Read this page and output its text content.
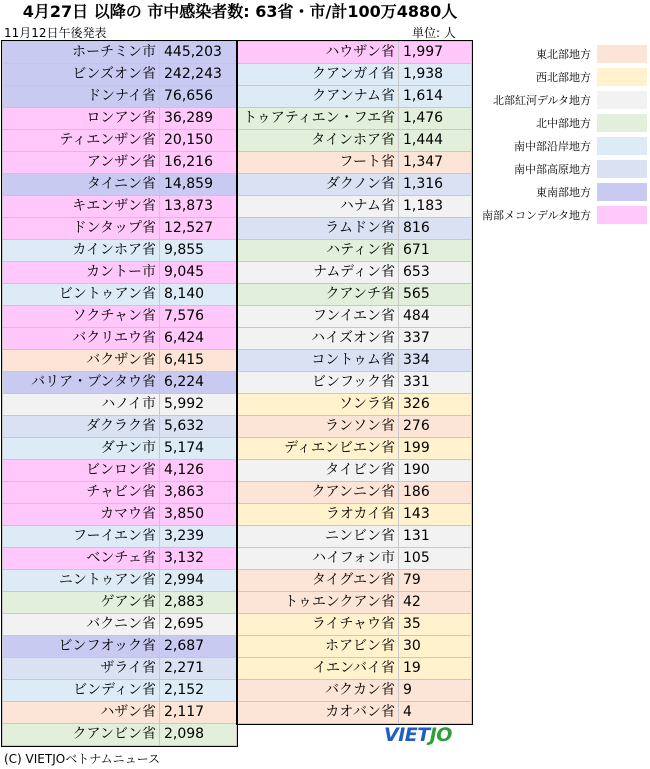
4月27日 以降の 市中感染者数: 63省・市/計100万4880人
11月12日午後発表	単位: 人
ホーチミン市	445,203
ビンズオン省	242,243
ドンナイ省	76,656
ロンアン省	36,289
ティエンザン省	20,150
アンザン省	16,216
タイニン省	14,859
キエンザン省	13,873
ドンタップ省	12,527
カインホア省	9,855
カントー市	9,045
ビントゥアン省	8,140
ソクチャン省	7,576
バクリエウ省	6,424
バクザン省	6,415
バリア・ブンタウ省	6,224
ハノイ市	5,992
ダクラク省	5,632
ダナン市	5,174
ビンロン省	4,126
チャビン省	3,863
カマウ省	3,850
フーイエン省	3,239
ベンチェ省	3,132
ニントゥアン省	2,994
ゲアン省	2,883
バクニン省	2,695
ビンフオック省	2,687
ザライ省	2,271
ビンディン省	2,152
ハザン省	2,117
クアンビン省	2,098
ハウザン省	1,997
クアンガイ省	1,938
クアンナム省	1,614
トゥアティエン・フエ省	1,476
タインホア省	1,444
フート省	1,347
ダクノン省	1,316
ハナム省	1,183
ラムドン省	816
ハティン省	671
ナムディン省	653
クアンチ省	565
フンイエン省	484
ハイズオン省	337
コントゥム省	334
ビンフック省	331
ソンラ省	326
ランソン省	276
ディエンビエン省	199
タイビン省	190
クアンニン省	186
ラオカイ省	143
ニンビン省	131
ハイフォン市	105
タイグエン省	79
トゥエンクアン省	42
ライチャウ省	35
ホアビン省	30
イエンバイ省	19
バクカン省	9
カオバン省	4
東北部地方
西北部地方
北部紅河デルタ地方
北中部地方
南中部沿岸地方
南中部高原地方
東南部地方
南部メコンデルタ地方
VIETJO
(C) VIETJOベトナムニュース
